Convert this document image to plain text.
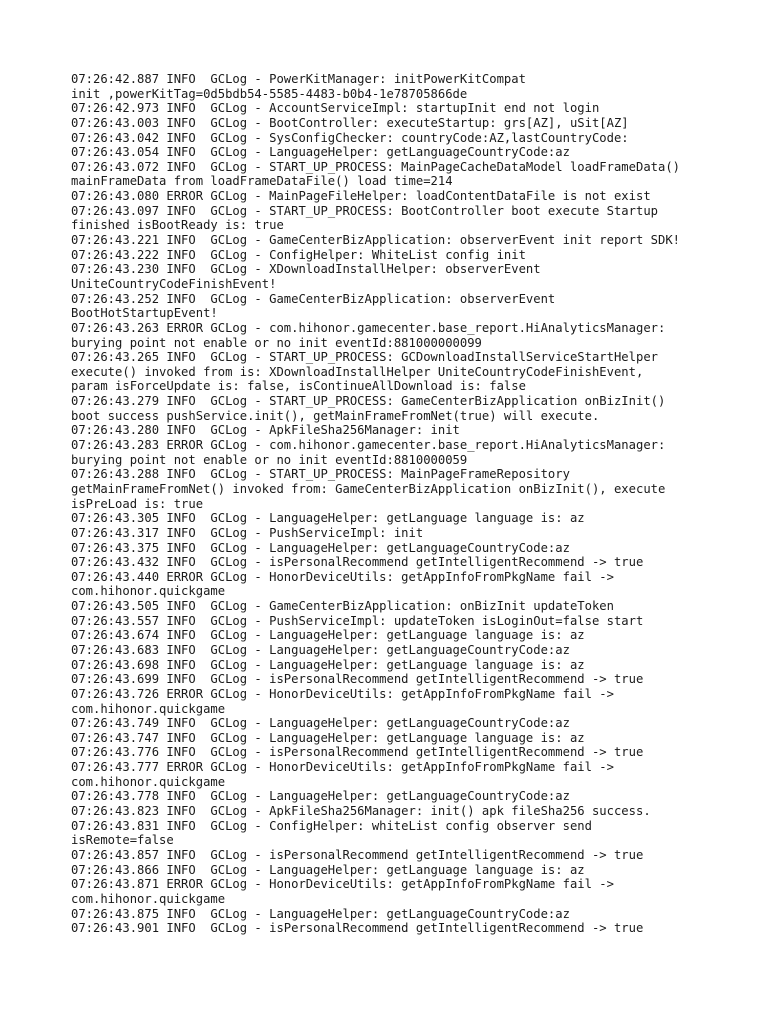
07:26:42.887 INFO  GCLog - PowerKitManager: initPowerKitCompat
init ,powerKitTag=0d5bdb54-5585-4483-b0b4-1e78705866de
07:26:42.973 INFO  GCLog - AccountServiceImpl: startupInit end not login
07:26:43.003 INFO  GCLog - BootController: executeStartup: grs[AZ], uSit[AZ]
07:26:43.042 INFO  GCLog - SysConfigChecker: countryCode:AZ,lastCountryCode:
07:26:43.054 INFO  GCLog - LanguageHelper: getLanguageCountryCode:az
07:26:43.072 INFO  GCLog - START_UP_PROCESS: MainPageCacheDataModel loadFrameData()
mainFrameData from loadFrameDataFile() load time=214
07:26:43.080 ERROR GCLog - MainPageFileHelper: loadContentDataFile is not exist
07:26:43.097 INFO  GCLog - START_UP_PROCESS: BootController boot execute Startup
finished isBootReady is: true
07:26:43.221 INFO  GCLog - GameCenterBizApplication: observerEvent init report SDK!
07:26:43.222 INFO  GCLog - ConfigHelper: WhiteList config init
07:26:43.230 INFO  GCLog - XDownloadInstallHelper: observerEvent
UniteCountryCodeFinishEvent!
07:26:43.252 INFO  GCLog - GameCenterBizApplication: observerEvent
BootHotStartupEvent!
07:26:43.263 ERROR GCLog - com.hihonor.gamecenter.base_report.HiAnalyticsManager:
burying point not enable or no init eventId:881000000099
07:26:43.265 INFO  GCLog - START_UP_PROCESS: GCDownloadInstallServiceStartHelper
execute() invoked from is: XDownloadInstallHelper UniteCountryCodeFinishEvent,
param isForceUpdate is: false, isContinueAllDownload is: false
07:26:43.279 INFO  GCLog - START_UP_PROCESS: GameCenterBizApplication onBizInit()
boot success pushService.init(), getMainFrameFromNet(true) will execute.
07:26:43.280 INFO  GCLog - ApkFileSha256Manager: init
07:26:43.283 ERROR GCLog - com.hihonor.gamecenter.base_report.HiAnalyticsManager:
burying point not enable or no init eventId:8810000059
07:26:43.288 INFO  GCLog - START_UP_PROCESS: MainPageFrameRepository
getMainFrameFromNet() invoked from: GameCenterBizApplication onBizInit(), execute
isPreLoad is: true
07:26:43.305 INFO  GCLog - LanguageHelper: getLanguage language is: az
07:26:43.317 INFO  GCLog - PushServiceImpl: init
07:26:43.375 INFO  GCLog - LanguageHelper: getLanguageCountryCode:az
07:26:43.432 INFO  GCLog - isPersonalRecommend getIntelligentRecommend -> true
07:26:43.440 ERROR GCLog - HonorDeviceUtils: getAppInfoFromPkgName fail ->
com.hihonor.quickgame
07:26:43.505 INFO  GCLog - GameCenterBizApplication: onBizInit updateToken
07:26:43.557 INFO  GCLog - PushServiceImpl: updateToken isLoginOut=false start
07:26:43.674 INFO  GCLog - LanguageHelper: getLanguage language is: az
07:26:43.683 INFO  GCLog - LanguageHelper: getLanguageCountryCode:az
07:26:43.698 INFO  GCLog - LanguageHelper: getLanguage language is: az
07:26:43.699 INFO  GCLog - isPersonalRecommend getIntelligentRecommend -> true
07:26:43.726 ERROR GCLog - HonorDeviceUtils: getAppInfoFromPkgName fail ->
com.hihonor.quickgame
07:26:43.749 INFO  GCLog - LanguageHelper: getLanguageCountryCode:az
07:26:43.747 INFO  GCLog - LanguageHelper: getLanguage language is: az
07:26:43.776 INFO  GCLog - isPersonalRecommend getIntelligentRecommend -> true
07:26:43.777 ERROR GCLog - HonorDeviceUtils: getAppInfoFromPkgName fail ->
com.hihonor.quickgame
07:26:43.778 INFO  GCLog - LanguageHelper: getLanguageCountryCode:az
07:26:43.823 INFO  GCLog - ApkFileSha256Manager: init() apk fileSha256 success.
07:26:43.831 INFO  GCLog - ConfigHelper: whiteList config observer send
isRemote=false
07:26:43.857 INFO  GCLog - isPersonalRecommend getIntelligentRecommend -> true
07:26:43.866 INFO  GCLog - LanguageHelper: getLanguage language is: az
07:26:43.871 ERROR GCLog - HonorDeviceUtils: getAppInfoFromPkgName fail ->
com.hihonor.quickgame
07:26:43.875 INFO  GCLog - LanguageHelper: getLanguageCountryCode:az
07:26:43.901 INFO  GCLog - isPersonalRecommend getIntelligentRecommend -> true
